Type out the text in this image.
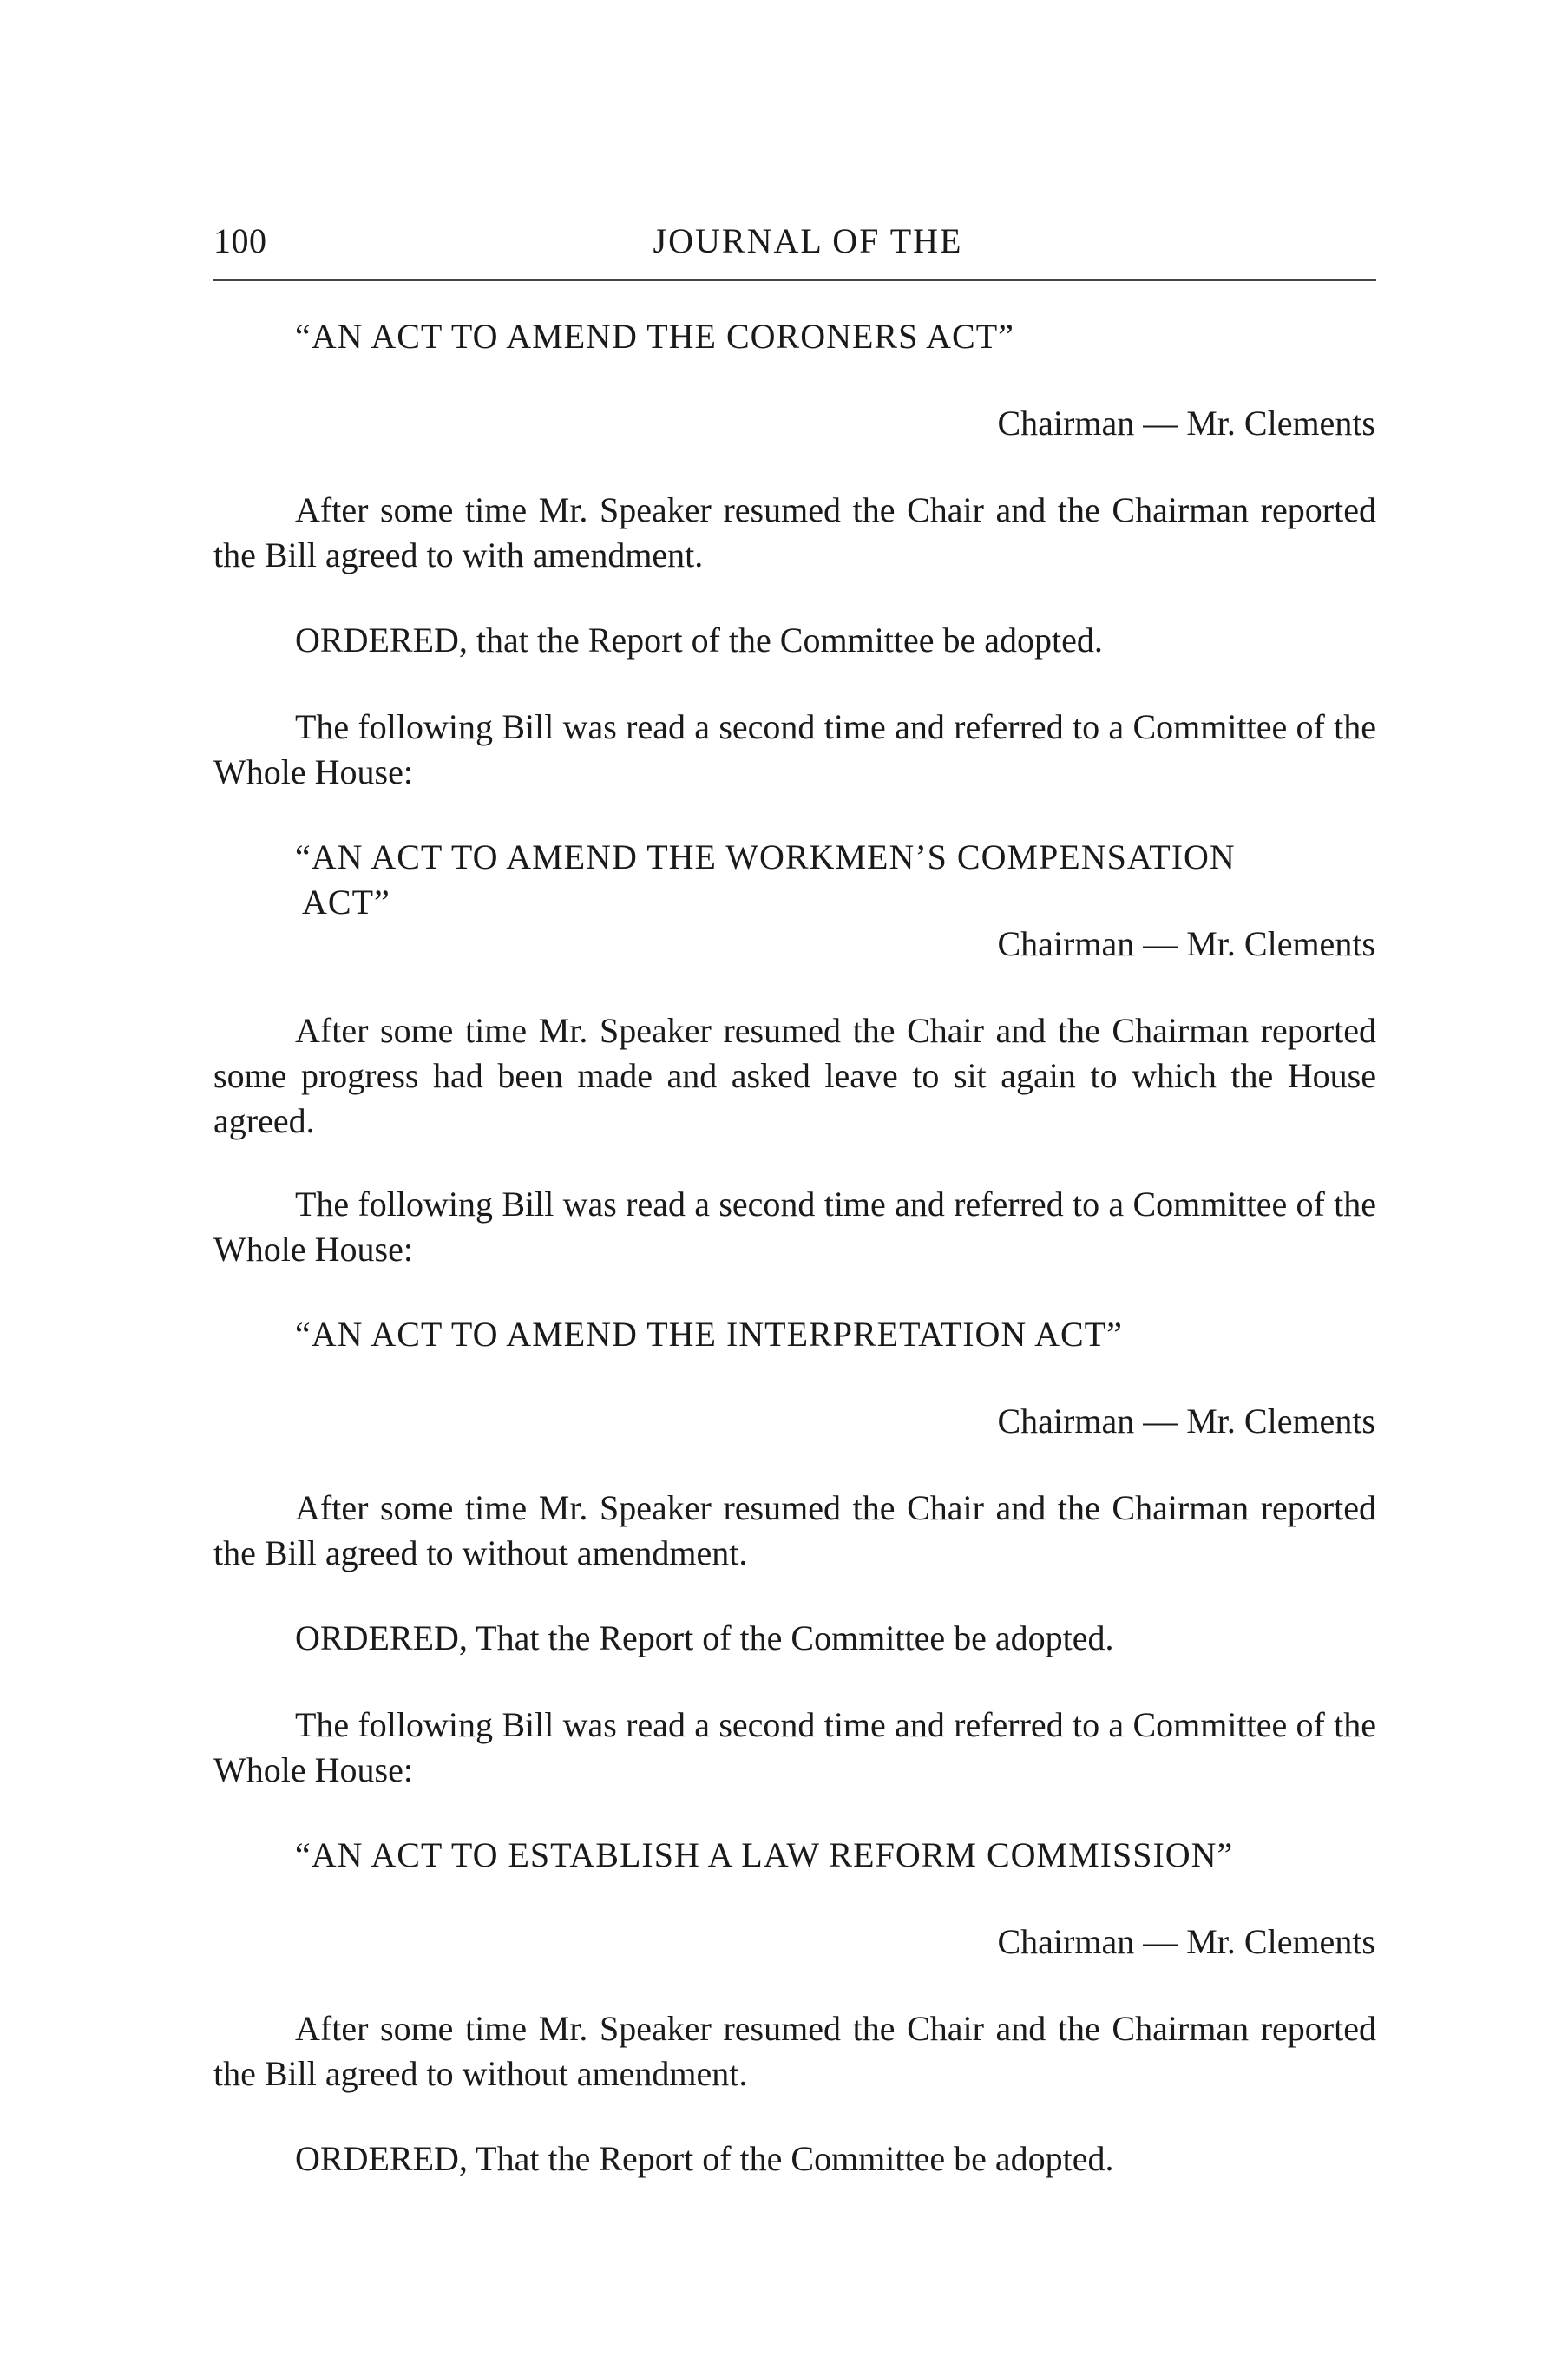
100	JOURNAL OF THE
“AN ACT TO AMEND THE CORONERS ACT”
Chairman — Mr. Clements
After some time Mr. Speaker resumed the Chair and the Chairman reported the Bill agreed to with amendment.
ORDERED, that the Report of the Committee be adopted.
The following Bill was read a second time and referred to a Committee of the Whole House:
“AN ACT TO AMEND THE WORKMEN’S COMPENSATION
ACT”
Chairman — Mr. Clements
After some time Mr. Speaker resumed the Chair and the Chairman reported some progress had been made and asked leave to sit again to which the House agreed.
The following Bill was read a second time and referred to a Committee of the Whole House:
“AN ACT TO AMEND THE INTERPRETATION ACT”
Chairman — Mr. Clements
After some time Mr. Speaker resumed the Chair and the Chairman reported the Bill agreed to without amendment.
ORDERED, That the Report of the Committee be adopted.
The following Bill was read a second time and referred to a Committee of the Whole House:
“AN ACT TO ESTABLISH A LAW REFORM COMMISSION”
Chairman — Mr. Clements
After some time Mr. Speaker resumed the Chair and the Chairman reported the Bill agreed to without amendment.
ORDERED, That the Report of the Committee be adopted.
